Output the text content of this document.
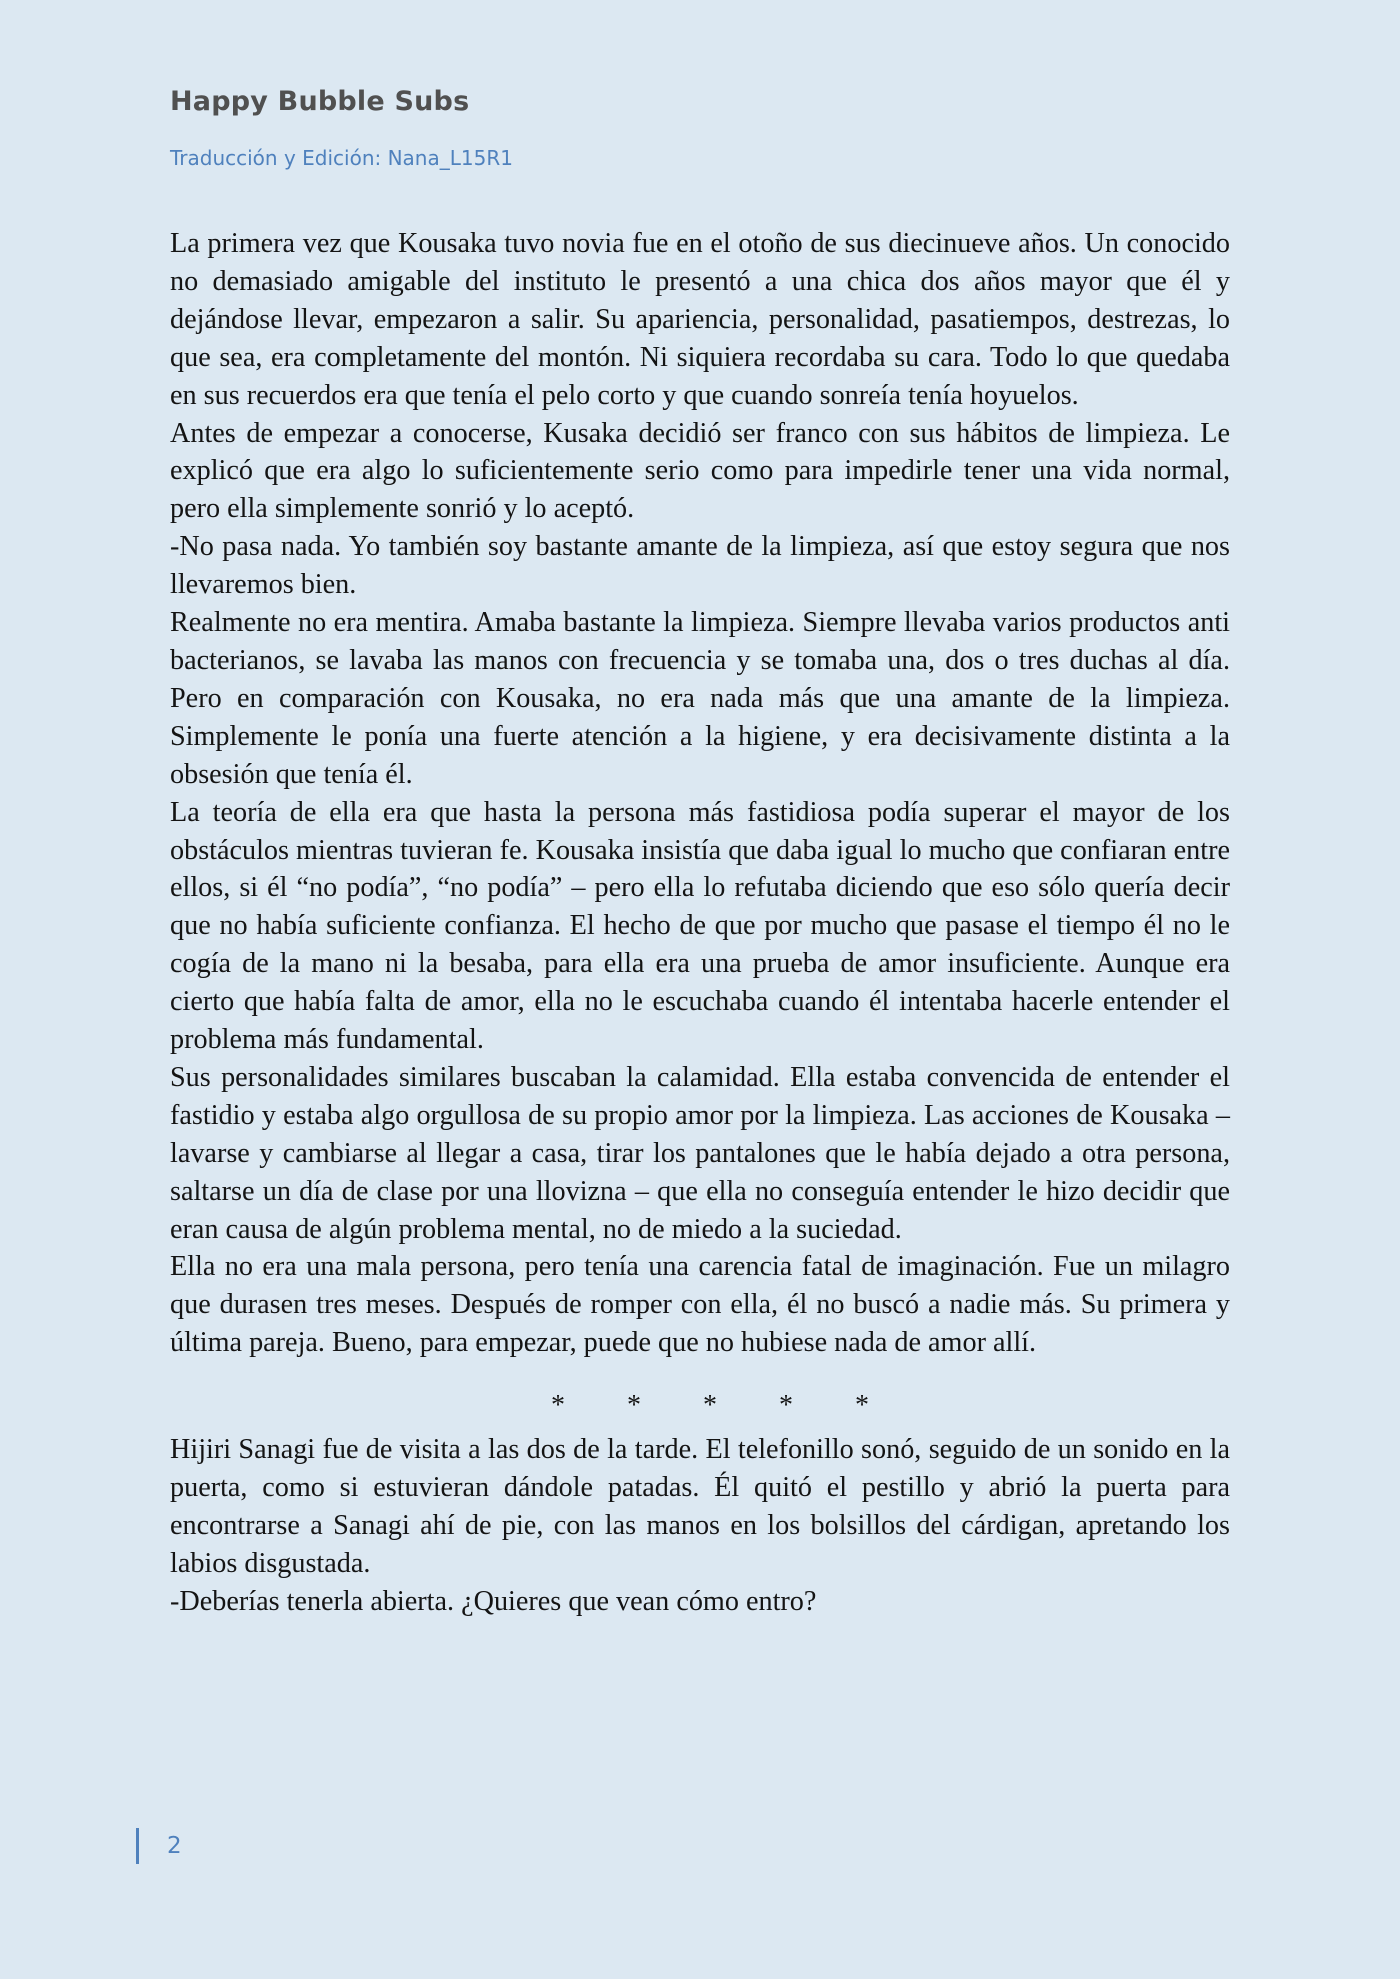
Happy Bubble Subs
Traducción y Edición: Nana_L15R1

La primera vez que Kousaka tuvo novia fue en el otoño de sus diecinueve años. Un conocido no demasiado amigable del instituto le presentó a una chica dos años mayor que él y dejándose llevar, empezaron a salir. Su apariencia, personalidad, pasatiempos, destrezas, lo que sea, era completamente del montón. Ni siquiera recordaba su cara. Todo lo que quedaba en sus recuerdos era que tenía el pelo corto y que cuando sonreía tenía hoyuelos.

Antes de empezar a conocerse, Kusaka decidió ser franco con sus hábitos de limpieza. Le explicó que era algo lo suficientemente serio como para impedirle tener una vida normal, pero ella simplemente sonrió y lo aceptó.

-No pasa nada. Yo también soy bastante amante de la limpieza, así que estoy segura que nos llevaremos bien.

Realmente no era mentira. Amaba bastante la limpieza. Siempre llevaba varios productos anti bacterianos, se lavaba las manos con frecuencia y se tomaba una, dos o tres duchas al día. Pero en comparación con Kousaka, no era nada más que una amante de la limpieza. Simplemente le ponía una fuerte atención a la higiene, y era decisivamente distinta a la obsesión que tenía él.

La teoría de ella era que hasta la persona más fastidiosa podía superar el mayor de los obstáculos mientras tuvieran fe. Kousaka insistía que daba igual lo mucho que confiaran entre ellos, si él “no podía”, “no podía” – pero ella lo refutaba diciendo que eso sólo quería decir que no había suficiente confianza. El hecho de que por mucho que pasase el tiempo él no le cogía de la mano ni la besaba, para ella era una prueba de amor insuficiente. Aunque era cierto que había falta de amor, ella no le escuchaba cuando él intentaba hacerle entender el problema más fundamental.

Sus personalidades similares buscaban la calamidad. Ella estaba convencida de entender el fastidio y estaba algo orgullosa de su propio amor por la limpieza. Las acciones de Kousaka – lavarse y cambiarse al llegar a casa, tirar los pantalones que le había dejado a otra persona, saltarse un día de clase por una llovizna – que ella no conseguía entender le hizo decidir que eran causa de algún problema mental, no de miedo a la suciedad.

Ella no era una mala persona, pero tenía una carencia fatal de imaginación. Fue un milagro que durasen tres meses. Después de romper con ella, él no buscó a nadie más. Su primera y última pareja. Bueno, para empezar, puede que no hubiese nada de amor allí.

* * * * *

Hijiri Sanagi fue de visita a las dos de la tarde. El telefonillo sonó, seguido de un sonido en la puerta, como si estuvieran dándole patadas. Él quitó el pestillo y abrió la puerta para encontrarse a Sanagi ahí de pie, con las manos en los bolsillos del cárdigan, apretando los labios disgustada.

-Deberías tenerla abierta. ¿Quieres que vean cómo entro?

2
